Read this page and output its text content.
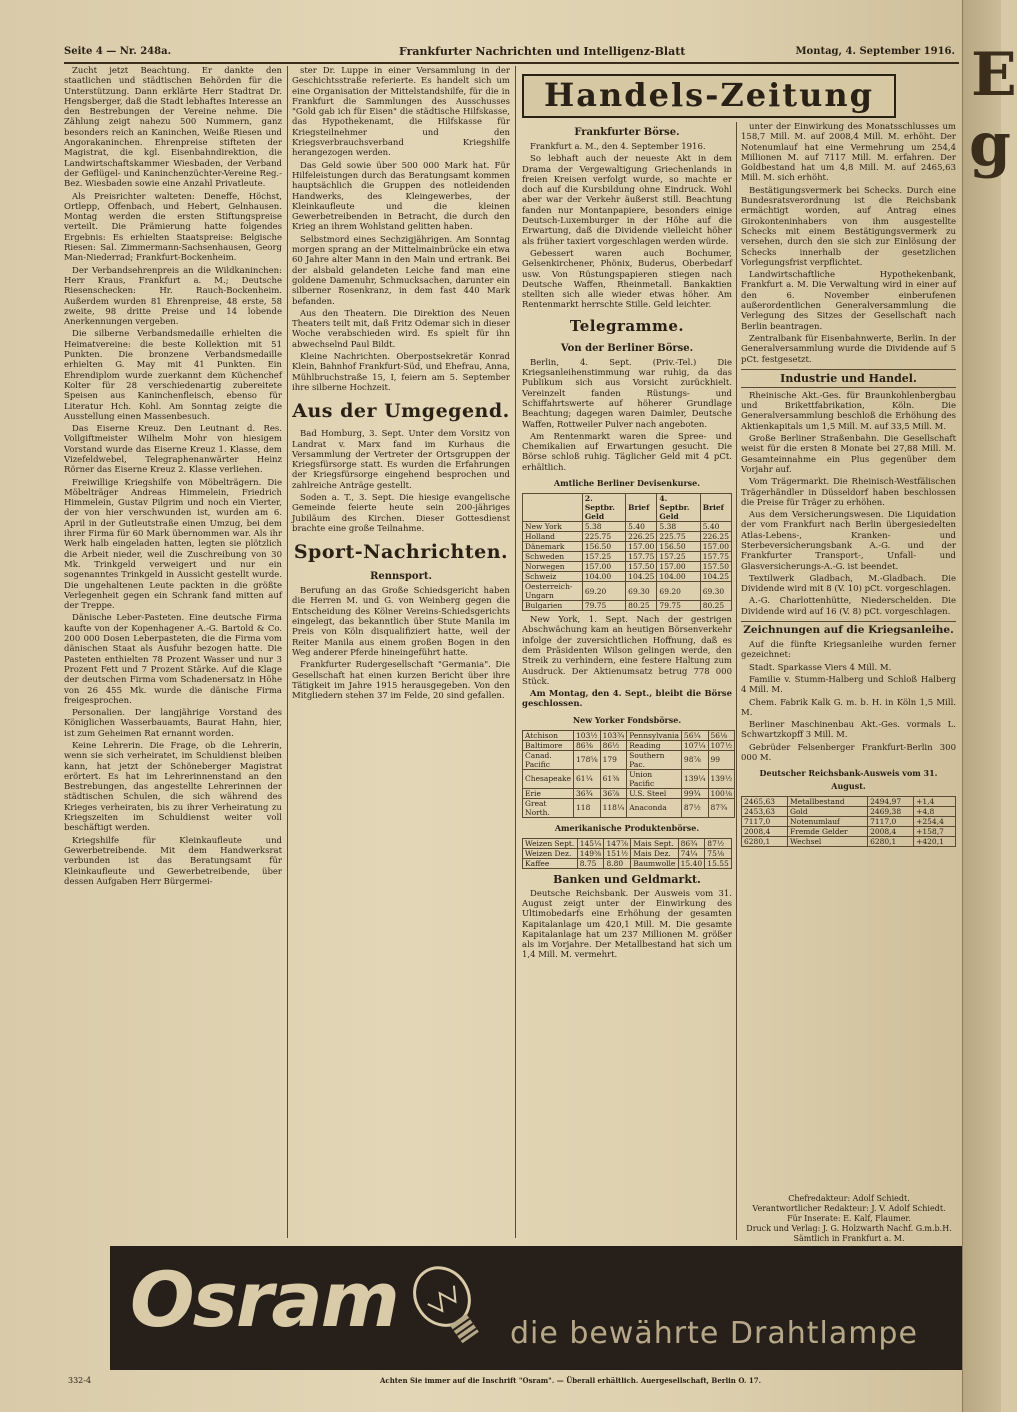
Seite 4 — Nr. 248a.	Frankfurter Nachrichten und Intelligenz-Blatt	Montag, 4. September 1916.

Zucht jetzt Beachtung. Er dankte den staatlichen und städtischen Behörden für die Unterstützung. Dann erklärte Herr Stadtrat Dr. Hengsberger, daß die Stadt lebhaftes Interesse an den Bestrebungen der Vereine nehme. Die Zählung zeigt nahezu 500 Nummern, ganz besonders reich an Kaninchen, Weiße Riesen und Angorakaninchen. Ehrenpreise stifteten der Magistrat, die kgl. Eisenbahndirektion, die Landwirtschaftskammer Wiesbaden, der Verband der Geflügel- und Kaninchenzüchter-Vereine Reg.-Bez. Wiesbaden sowie eine Anzahl Privatleute.

Als Preisrichter walteten: Deneffe, Höchst, Ortlepp, Offenbach, und Hebert, Gelnhausen. Montag werden die ersten Stiftungspreise verteilt. Die Prämierung hatte folgendes Ergebnis: Es erhielten Staatspreise: Belgische Riesen: Sal. Zimmermann-Sachsenhausen, Georg Man-Niederrad; Frankfurt-Bockenheim.

Der Verbandsehrenpreis an die Wildkaninchen: Herr Kraus, Frankfurt a. M.; Deutsche Riesenschecken: Hr. Rauch-Bockenheim. Außerdem wurden 81 Ehrenpreise, 48 erste, 58 zweite, 98 dritte Preise und 14 lobende Anerkennungen vergeben.

Die silberne Verbandsmedaille erhielten die Heimatvereine: die beste Kollektion mit 51 Punkten. Die bronzene Verbandsmedaille erhielten G. May mit 41 Punkten. Ein Ehrendiplom wurde zuerkannt dem Küchenchef Kolter für 28 verschiedenartig zubereitete Speisen aus Kaninchenfleisch, ebenso für Literatur Hch. Kohl. Am Sonntag zeigte die Ausstellung einen Massenbesuch.

Das Eiserne Kreuz. Den Leutnant d. Res. Vollgiftmeister Wilhelm Mohr von hiesigem Vorstand wurde das Eiserne Kreuz 1. Klasse, dem Vizefeldwebel, Telegraphenanwärter Heinz Rörner das Eiserne Kreuz 2. Klasse verliehen.

Freiwillige Kriegshilfe von Möbelträgern. Die Möbelträger Andreas Himmelein, Friedrich Himmelein, Gustav Pilgrim und noch ein Vierter, der von hier verschwunden ist, wurden am 6. April in der Gutleutstraße einen Umzug, bei dem ihrer Firma für 60 Mark übernommen war. Als ihr Werk halb eingeladen hatten, legten sie plötzlich die Arbeit nieder, weil die Zuschreibung von 30 Mk. Trinkgeld verweigert und nur ein sogenanntes Trinkgeld in Aussicht gestellt wurde. Die ungehaltenen Leute packten in die größte Verlegenheit gegen ein Schrank fand mitten auf der Treppe.

Dänische Leber-Pasteten. Eine deutsche Firma kaufte von der Kopenhagener A.-G. Bartold & Co. 200 000 Dosen Leberpasteten, die die Firma vom dänischen Staat als Ausfuhr bezogen hatte. Die Pasteten enthielten 78 Prozent Wasser und nur 3 Prozent Fett und 7 Prozent Stärke. Auf die Klage der deutschen Firma vom Schadenersatz in Höhe von 26 455 Mk. wurde die dänische Firma freigesprochen.

Personalien. Der langjährige Vorstand des Königlichen Wasserbauamts, Baurat Hahn, hier, ist zum Geheimen Rat ernannt worden.

Keine Lehrerin. Die Frage, ob die Lehrerin, wenn sie sich verheiratet, im Schuldienst bleiben kann, hat jetzt der Schöneberger Magistrat erörtert. Es hat im Lehrerinnenstand an den Bestrebungen, das angestellte Lehrerinnen der städtischen Schulen, die sich während des Krieges verheiraten, bis zu ihrer Verheiratung zu Kriegszeiten im Schuldienst weiter voll beschäftigt werden.

Kriegshilfe für Kleinkaufleute und Gewerbetreibende. Mit dem Handwerksrat verbunden ist das Beratungsamt für Kleinkaufleute und Gewerbetreibende, über dessen Aufgaben Herr Bürgermei-

ster Dr. Luppe in einer Versammlung in der Geschichtsstraße referierte. Es handelt sich um eine Organisation der Mittelstandshilfe, für die in Frankfurt die Sammlungen des Ausschusses "Gold gab ich für Eisen" die städtische Hilfskasse, das Hypothekenamt, die Hilfskasse für Kriegsteilnehmer und den Kriegsverbrauchsverband Kriegshilfe herangezogen werden.

Das Geld sowie über 500 000 Mark hat. Für Hilfeleistungen durch das Beratungsamt kommen hauptsächlich die Gruppen des notleidenden Handwerks, des Kleingewerbes, der Kleinkaufleute und die kleinen Gewerbetreibenden in Betracht, die durch den Krieg an ihrem Wohlstand gelitten haben.

Selbstmord eines Sechzigjährigen. Am Sonntag morgen sprang an der Mittelmainbrücke ein etwa 60 Jahre alter Mann in den Main und ertrank. Bei der alsbald gelandeten Leiche fand man eine goldene Damenuhr, Schmucksachen, darunter ein silberner Rosenkranz, in dem fast 440 Mark befanden.

Aus den Theatern. Die Direktion des Neuen Theaters teilt mit, daß Fritz Odemar sich in dieser Woche verabschieden wird. Es spielt für ihn abwechselnd Paul Bildt.

Kleine Nachrichten. Oberpostsekretär Konrad Klein, Bahnhof Frankfurt-Süd, und Ehefrau, Anna, Mühlbruchstraße 15, I, feiern am 5. September ihre silberne Hochzeit.

Aus der Umgegend.

Bad Homburg, 3. Sept. Unter dem Vorsitz von Landrat v. Marx fand im Kurhaus die Versammlung der Vertreter der Ortsgruppen der Kriegsfürsorge statt. Es wurden die Erfahrungen der Kriegsfürsorge eingehend besprochen und zahlreiche Anträge gestellt.

Soden a. T., 3. Sept. Die hiesige evangelische Gemeinde feierte heute sein 200-jähriges Jubiläum des Kirchen. Dieser Gottesdienst brachte eine große Teilnahme.

Sport-Nachrichten.
Rennsport.

Berufung an das Große Schiedsgericht haben die Herren M. und G. von Weinberg gegen die Entscheidung des Kölner Vereins-Schiedsgerichts eingelegt, das bekanntlich über Stute Manila im Preis von Köln disqualifiziert hatte, weil der Reiter Manila aus einem großen Bogen in den Weg anderer Pferde hineingeführt hatte.

Frankfurter Rudergesellschaft "Germania". Die Gesellschaft hat einen kurzen Bericht über ihre Tätigkeit im Jahre 1915 herausgegeben. Von den Mitgliedern stehen 37 im Felde, 20 sind gefallen.

Handels-Zeitung
Frankfurter Börse.

Frankfurt a. M., den 4. September 1916.

So lebhaft auch der neueste Akt in dem Drama der Vergewaltigung Griechenlands in freien Kreisen verfolgt wurde, so machte er doch auf die Kursbildung ohne Eindruck. Wohl aber war der Verkehr äußerst still. Beachtung fanden nur Montanpapiere, besonders einige Deutsch-Luxemburger in der Höhe auf die Erwartung, daß die Dividende vielleicht höher als früher taxiert vorgeschlagen werden würde.

Gebessert waren auch Bochumer, Gelsenkirchener, Phönix, Buderus, Oberbedarf usw. Von Rüstungspapieren stiegen nach Deutsche Waffen, Rheinmetall. Bankaktien stellten sich alle wieder etwas höher. Am Rentenmarkt herrschte Stille. Geld leichter.

Telegramme.
Von der Berliner Börse.

Berlin, 4. Sept. (Priv.-Tel.) Die Kriegsanleihenstimmung war ruhig, da das Publikum sich aus Vorsicht zurückhielt. Vereinzelt fanden Rüstungs- und Schiffahrtswerte auf höherer Grundlage Beachtung; dagegen waren Daimler, Deutsche Waffen, Rottweiler Pulver nach angeboten.

Am Rentenmarkt waren die Spree- und Chemikalien auf Erwartungen gesucht. Die Börse schloß ruhig. Täglicher Geld mit 4 pCt. erhältlich.

Amtliche Berliner Devisenkurse.
	2. Septbr. Geld	Brief	4. Septbr. Geld	Brief
New York	5.38	5.40	5.38	5.40
Holland	225.75	226.25	225.75	226.25
Dänemark	156.50	157.00	156.50	157.00
Schweden	157.25	157.75	157.25	157.75
Norwegen	157.00	157.50	157.00	157.50
Schweiz	104.00	104.25	104.00	104.25
Oesterreich-Ungarn	69.20	69.30	69.20	69.30
Bulgarien	79.75	80.25	79.75	80.25

New York, 1. Sept. Nach der gestrigen Abschwächung kam an heutigen Börsenverkehr infolge der zuversichtlichen Hoffnung, daß es dem Präsidenten Wilson gelingen werde, den Streik zu verhindern, eine festere Haltung zum Ausdruck. Der Aktienumsatz betrug 778 000 Stück.

Am Montag, den 4. Sept., bleibt die Börse geschlossen.

New Yorker Fondsbörse.
Atchison	103½	103¾	Pennsylvania	56¼	56⅛
Baltimore	86⅜	86½	Reading	107¼	107½
Canad. Pacific	178⅝	179	Southern Pac.	98⅞	99
Chesapeake	61¼	61⅜	Union Pacific	139¼	139½
Erie	36¾	36⅞	U.S. Steel	99¾	100⅛
Great North.	118	118¼	Anaconda	87½	87¾
Amerikanische Produktenbörse.
Weizen Sept.	145¼	147⅞	Mais Sept.	86¾	87½
Weizen Dez.	149⅜	151½	Mais Dez.	74¼	75⅛
Kaffee	8.75	8.80	Baumwolle	15.40	15.55
Banken und Geldmarkt.

Deutsche Reichsbank. Der Ausweis vom 31. August zeigt unter der Einwirkung des Ultimobedarfs eine Erhöhung der gesamten Kapitalanlage um 420,1 Mill. M. Die gesamte Kapitalanlage hat um 237 Millionen M. größer als im Vorjahre. Der Metallbestand hat sich um 1,4 Mill. M. vermehrt.

unter der Einwirkung des Monatsschlusses um 158,7 Mill. M. auf 2008,4 Mill. M. erhöht. Der Notenumlauf hat eine Vermehrung um 254,4 Millionen M. auf 7117 Mill. M. erfahren. Der Goldbestand hat um 4,8 Mill. M. auf 2465,63 Mill. M. sich erhöht.

Bestätigungsvermerk bei Schecks. Durch eine Bundesratsverordnung ist die Reichsbank ermächtigt worden, auf Antrag eines Girokonteninhabers von ihm ausgestellte Schecks mit einem Bestätigungsvermerk zu versehen, durch den sie sich zur Einlösung der Schecks innerhalb der gesetzlichen Vorlegungsfrist verpflichtet.

Landwirtschaftliche Hypothekenbank, Frankfurt a. M. Die Verwaltung wird in einer auf den 6. November einberufenen außerordentlichen Generalversammlung die Verlegung des Sitzes der Gesellschaft nach Berlin beantragen.

Zentralbank für Eisenbahnwerte, Berlin. In der Generalversammlung wurde die Dividende auf 5 pCt. festgesetzt.

Industrie und Handel.

Rheinische Akt.-Ges. für Braunkohlenbergbau und Brikettfabrikation, Köln. Die Generalversammlung beschloß die Erhöhung des Aktienkapitals um 1,5 Mill. M. auf 33,5 Mill. M.

Große Berliner Straßenbahn. Die Gesellschaft weist für die ersten 8 Monate bei 27,88 Mill. M. Gesamteinnahme ein Plus gegenüber dem Vorjahr auf.

Vom Trägermarkt. Die Rheinisch-Westfälischen Trägerhändler in Düsseldorf haben beschlossen die Preise für Träger zu erhöhen.

Aus dem Versicherungswesen. Die Liquidation der vom Frankfurt nach Berlin übergesiedelten Atlas-Lebens-, Kranken- und Sterbeversicherungsbank A.-G. und der Frankfurter Transport-, Unfall- und Glasversicherungs-A.-G. ist beendet.

Textilwerk Gladbach, M.-Gladbach. Die Dividende wird mit 8 (V. 10) pCt. vorgeschlagen.

A.-G. Charlottenhütte, Niederschelden. Die Dividende wird auf 16 (V. 8) pCt. vorgeschlagen.

Zeichnungen auf die Kriegsanleihe.

Auf die fünfte Kriegsanleihe wurden ferner gezeichnet:

Stadt. Sparkasse Viers 4 Mill. M.

Familie v. Stumm-Halberg und Schloß Halberg 4 Mill. M.

Chem. Fabrik Kalk G. m. b. H. in Köln 1,5 Mill. M.

Berliner Maschinenbau Akt.-Ges. vormals L. Schwartzkopff 3 Mill. M.

Gebrüder Felsenberger Frankfurt-Berlin 300 000 M.

Deutscher Reichsbank-Ausweis vom 31. August.
2465,63	Metallbestand	2494,97	+1,4
2453,63	Gold	2469,38	+4,8
7117,0	Notenumlauf	7117,0	+254,4
2008,4	Fremde Gelder	2008,4	+158,7
6280,1	Wechsel	6280,1	+420,1
Chefredakteur: Adolf Schiedt.
Verantwortlicher Redakteur: J. V. Adolf Schiedt.
Für Inserate: E. Kalf, Flaumer.
Druck und Verlag: J. G. Holzwarth Nachf. G.m.b.H.
Sämtlich in Frankfurt a. M.
Osram	die bewährte Drahtlampe
332-4	Achten Sie immer auf die Inschrift "Osram". — Überall erhältlich. Auergesellschaft, Berlin O. 17.
E
g
